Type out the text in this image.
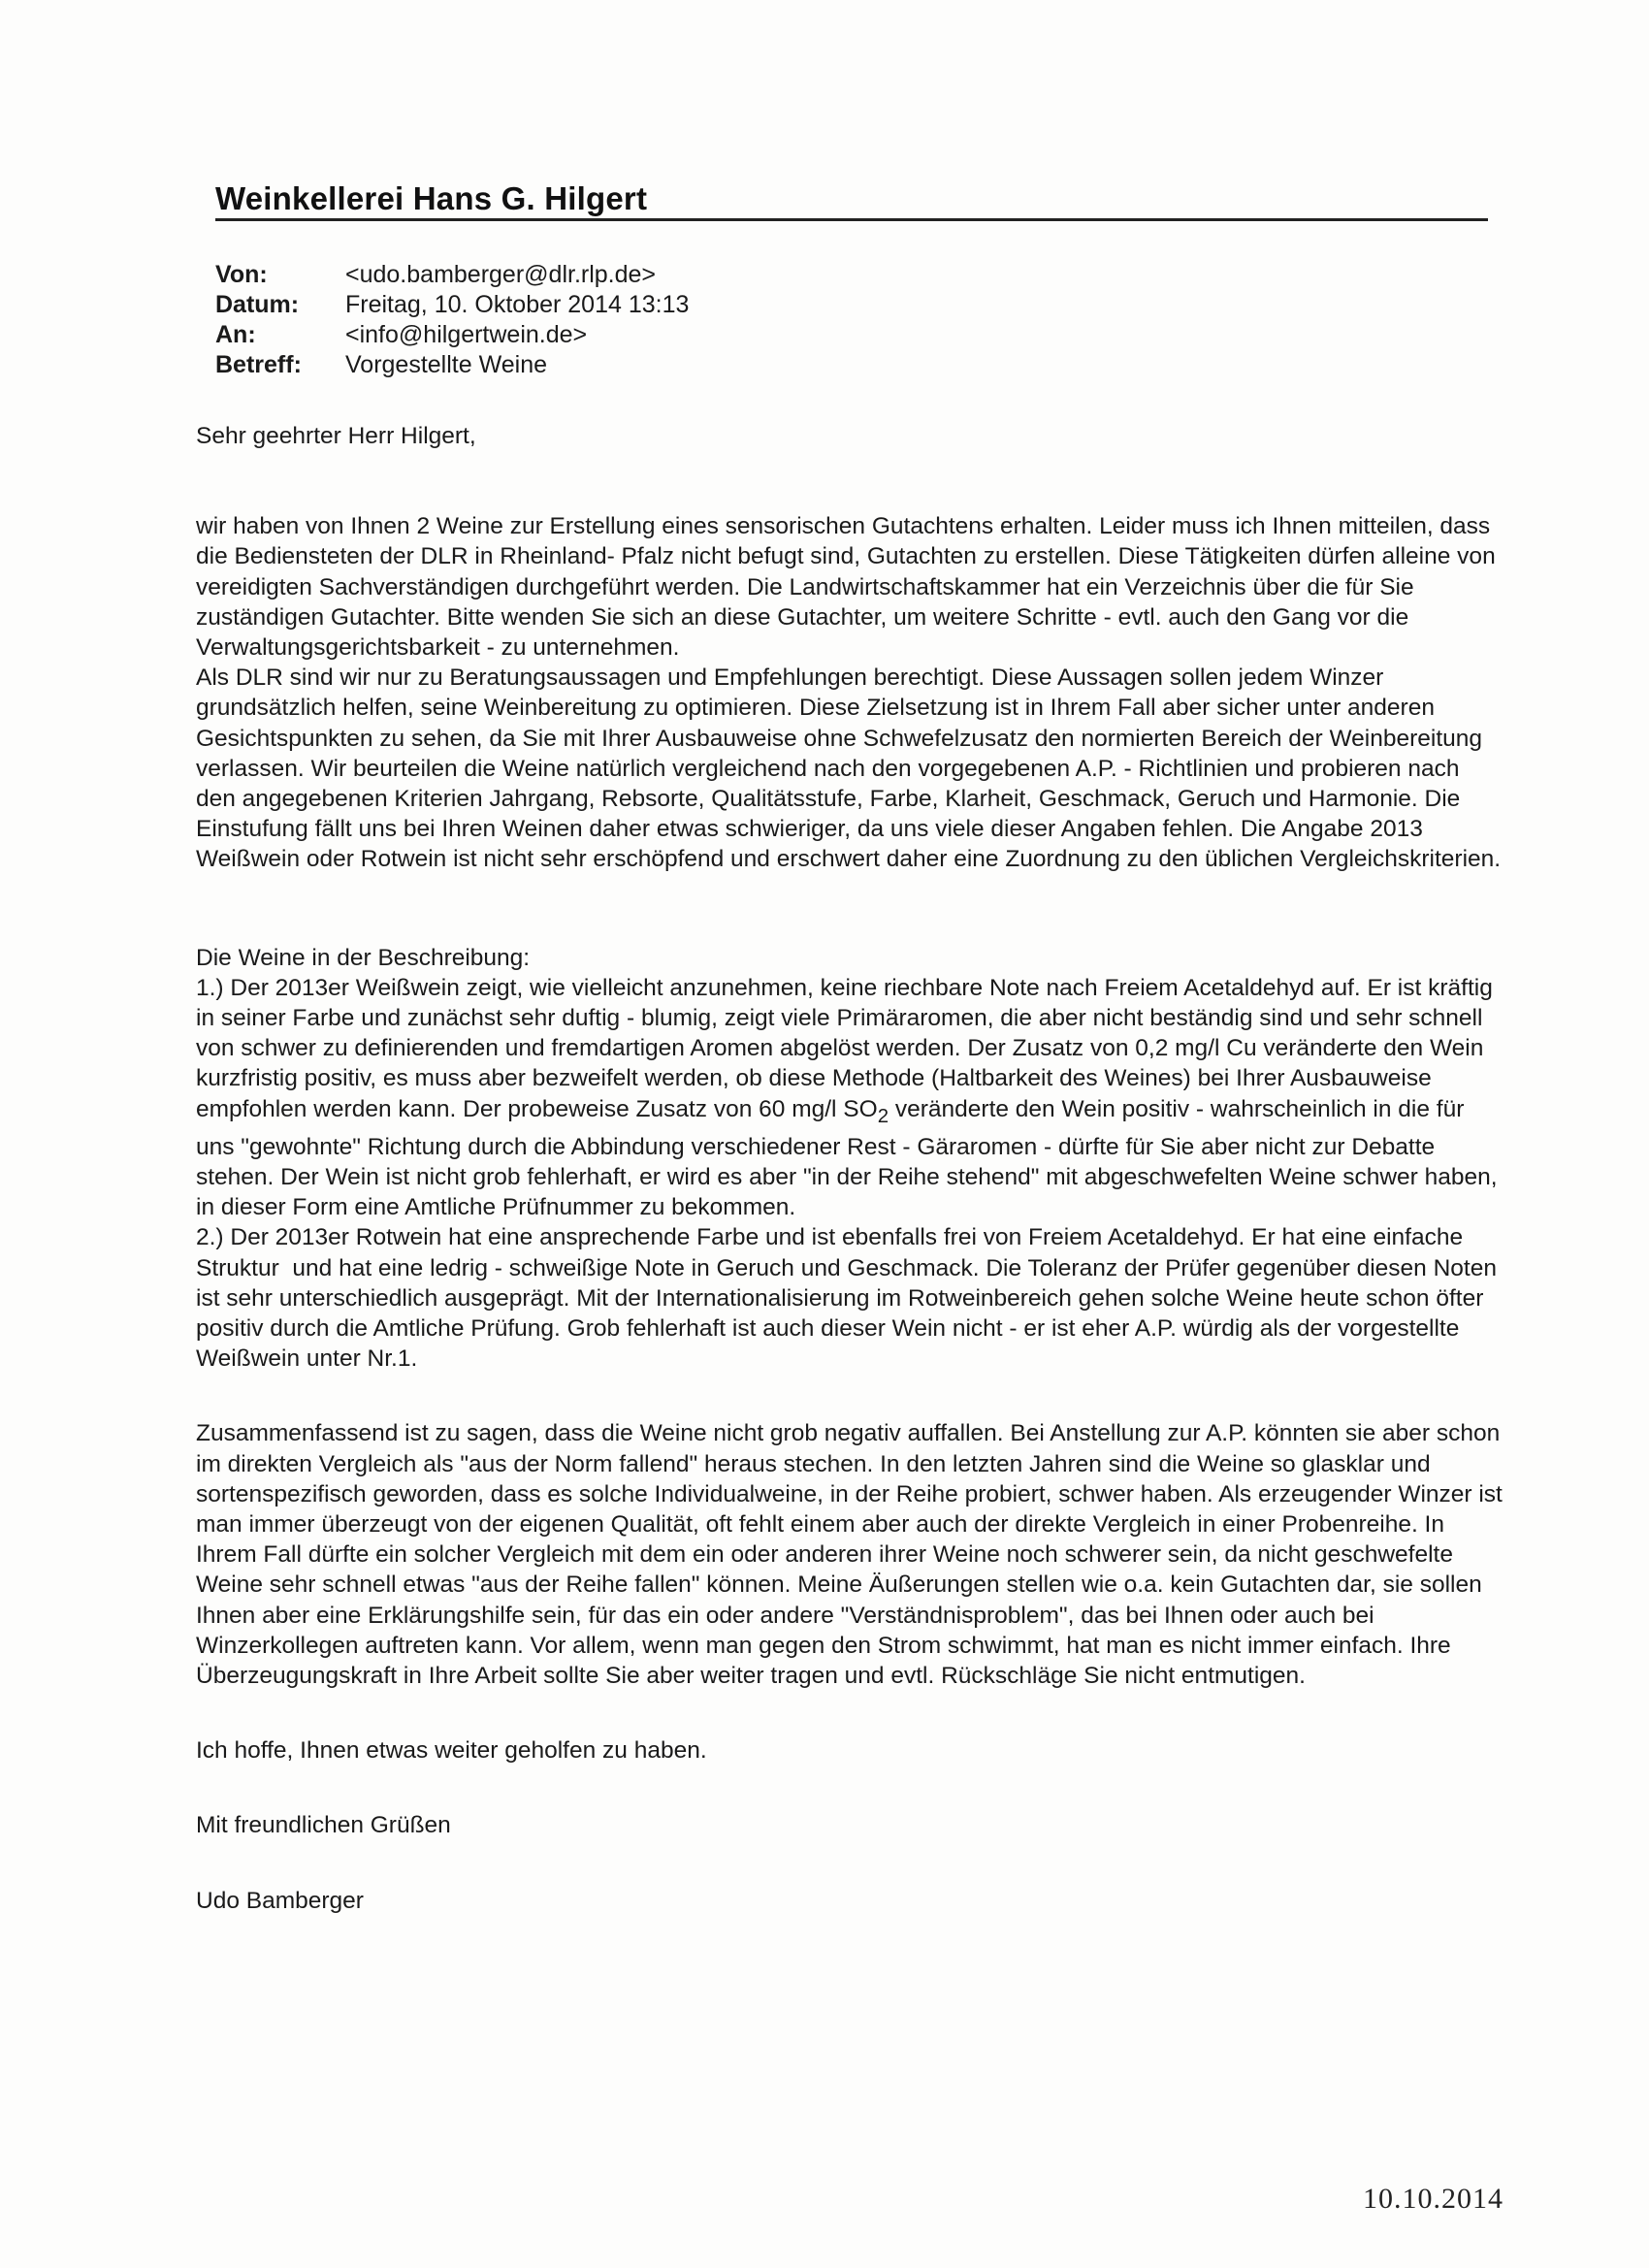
Weinkellerei Hans G. Hilgert
Von:	<udo.bamberger@dlr.rlp.de>
Datum:	Freitag, 10. Oktober 2014 13:13
An:	<info@hilgertwein.de>
Betreff:	Vorgestellte Weine

Sehr geehrter Herr Hilgert,

wir haben von Ihnen 2 Weine zur Erstellung eines sensorischen Gutachtens erhalten. Leider muss ich Ihnen mitteilen, dass die Bediensteten der DLR in Rheinland- Pfalz nicht befugt sind, Gutachten zu erstellen. Diese Tätigkeiten dürfen alleine von vereidigten Sachverständigen durchgeführt werden. Die Landwirtschaftskammer hat ein Verzeichnis über die für Sie zuständigen Gutachter. Bitte wenden Sie sich an diese Gutachter, um weitere Schritte - evtl. auch den Gang vor die Verwaltungsgerichtsbarkeit - zu unternehmen.

Als DLR sind wir nur zu Beratungsaussagen und Empfehlungen berechtigt. Diese Aussagen sollen jedem Winzer grundsätzlich helfen, seine Weinbereitung zu optimieren. Diese Zielsetzung ist in Ihrem Fall aber sicher unter anderen Gesichtspunkten zu sehen, da Sie mit Ihrer Ausbauweise ohne Schwefelzusatz den normierten Bereich der Weinbereitung verlassen. Wir beurteilen die Weine natürlich vergleichend nach den vorgegebenen A.P. - Richtlinien und probieren nach den angegebenen Kriterien Jahrgang, Rebsorte, Qualitätsstufe, Farbe, Klarheit, Geschmack, Geruch und Harmonie. Die Einstufung fällt uns bei Ihren Weinen daher etwas schwieriger, da uns viele dieser Angaben fehlen. Die Angabe 2013 Weißwein oder Rotwein ist nicht sehr erschöpfend und erschwert daher eine Zuordnung zu den üblichen Vergleichskriterien.

Die Weine in der Beschreibung:

1.) Der 2013er Weißwein zeigt, wie vielleicht anzunehmen, keine riechbare Note nach Freiem Acetaldehyd auf. Er ist kräftig in seiner Farbe und zunächst sehr duftig - blumig, zeigt viele Primäraromen, die aber nicht beständig sind und sehr schnell von schwer zu definierenden und fremdartigen Aromen abgelöst werden. Der Zusatz von 0,2 mg/l Cu veränderte den Wein kurzfristig positiv, es muss aber bezweifelt werden, ob diese Methode (Haltbarkeit des Weines) bei Ihrer Ausbauweise empfohlen werden kann. Der probeweise Zusatz von 60 mg/l $SO_2$ veränderte den Wein positiv - wahrscheinlich in die für uns "gewohnte" Richtung durch die Abbindung verschiedener Rest - Gäraromen - dürfte für Sie aber nicht zur Debatte stehen. Der Wein ist nicht grob fehlerhaft, er wird es aber "in der Reihe stehend" mit abgeschwefelten Weine schwer haben, in dieser Form eine Amtliche Prüfnummer zu bekommen.

2.) Der 2013er Rotwein hat eine ansprechende Farbe und ist ebenfalls frei von Freiem Acetaldehyd. Er hat eine einfache Struktur  und hat eine ledrig - schweißige Note in Geruch und Geschmack. Die Toleranz der Prüfer gegenüber diesen Noten ist sehr unterschiedlich ausgeprägt. Mit der Internationalisierung im Rotweinbereich gehen solche Weine heute schon öfter positiv durch die Amtliche Prüfung. Grob fehlerhaft ist auch dieser Wein nicht - er ist eher A.P. würdig als der vorgestellte Weißwein unter Nr.1.

Zusammenfassend ist zu sagen, dass die Weine nicht grob negativ auffallen. Bei Anstellung zur A.P. könnten sie aber schon im direkten Vergleich als "aus der Norm fallend" heraus stechen. In den letzten Jahren sind die Weine so glasklar und sortenspezifisch geworden, dass es solche Individualweine, in der Reihe probiert, schwer haben. Als erzeugender Winzer ist man immer überzeugt von der eigenen Qualität, oft fehlt einem aber auch der direkte Vergleich in einer Probenreihe. In Ihrem Fall dürfte ein solcher Vergleich mit dem ein oder anderen ihrer Weine noch schwerer sein, da nicht geschwefelte Weine sehr schnell etwas "aus der Reihe fallen" können. Meine Äußerungen stellen wie o.a. kein Gutachten dar, sie sollen Ihnen aber eine Erklärungshilfe sein, für das ein oder andere "Verständnisproblem", das bei Ihnen oder auch bei Winzerkollegen auftreten kann. Vor allem, wenn man gegen den Strom schwimmt, hat man es nicht immer einfach. Ihre Überzeugungskraft in Ihre Arbeit sollte Sie aber weiter tragen und evtl. Rückschläge Sie nicht entmutigen.

Ich hoffe, Ihnen etwas weiter geholfen zu haben.

Mit freundlichen Grüßen

Udo Bamberger

10.10.2014
